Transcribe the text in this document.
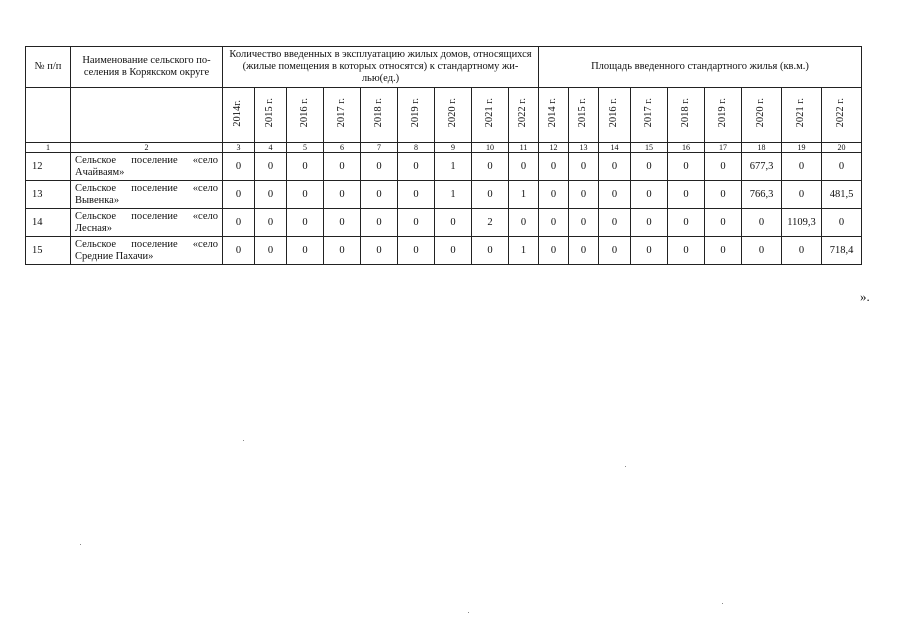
№ п/п	Наименование сельского по-селения в Корякском округе	Количество введенных в эксплуатацию жилых домов, относящихся (жилые помещения в которых относятся) к стандартному жи-лью(ед.)									Площадь введенного стандартного жилья (кв.м.)								
		2014г.	2015 г.	2016 г.	2017 г.	2018 г.	2019 г.	2020 г.	2021 г.	2022 г.	2014 г.	2015 г.	2016 г.	2017 г.	2018 г.	2019 г.	2020 г.	2021 г.	2022 г.
1	2	3	4	5	6	7	8	9	10	11	12	13	14	15	16	17	18	19	20
12	Сельское поселение «село
Ачайваям»	0	0	0	0	0	0	1	0	0	0	0	0	0	0	0	677,3	0	0
13	Сельское поселение «село
Вывенка»	0	0	0	0	0	0	1	0	1	0	0	0	0	0	0	766,3	0	481,5
14	Сельское поселение «село
Лесная»	0	0	0	0	0	0	0	2	0	0	0	0	0	0	0	0	1109,3	0
15	Сельское поселение «село
Средние Пахачи»	0	0	0	0	0	0	0	0	1	0	0	0	0	0	0	0	0	718,4
».
